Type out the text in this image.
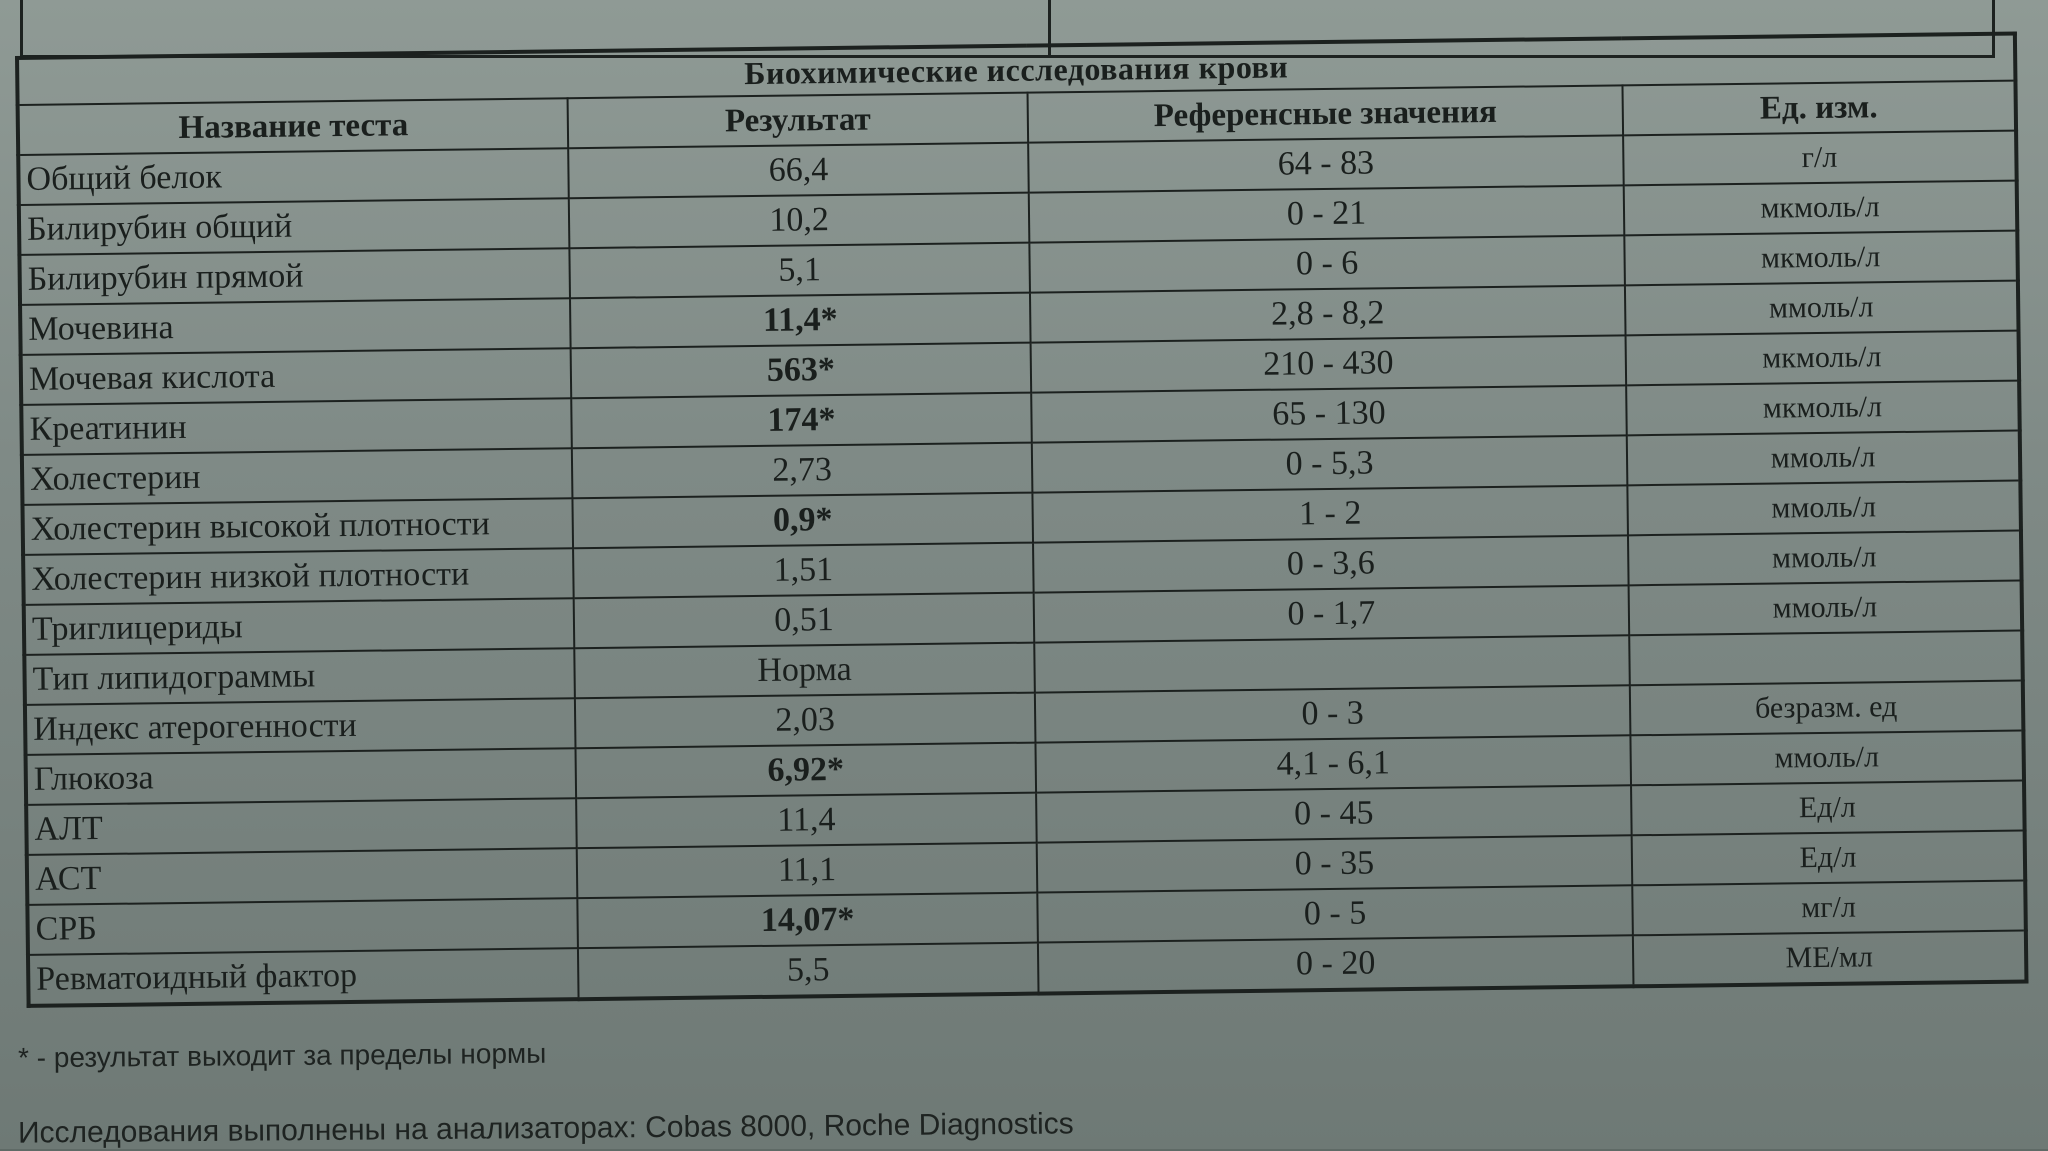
Биохимические исследования крови			
Название теста	Результат	Референсные значения	Ед. изм.
Общий белок	66,4	64 - 83	г/л
Билирубин общий	10,2	0 - 21	мкмоль/л
Билирубин прямой	5,1	0 - 6	мкмоль/л
Мочевина	11,4*	2,8 - 8,2	ммоль/л
Мочевая кислота	563*	210 - 430	мкмоль/л
Креатинин	174*	65 - 130	мкмоль/л
Холестерин	2,73	0 - 5,3	ммоль/л
Холестерин высокой плотности	0,9*	1 - 2	ммоль/л
Холестерин низкой плотности	1,51	0 - 3,6	ммоль/л
Триглицериды	0,51	0 - 1,7	ммоль/л
Тип липидограммы	Норма		
Индекс атерогенности	2,03	0 - 3	безразм. ед
Глюкоза	6,92*	4,1 - 6,1	ммоль/л
АЛТ	11,4	0 - 45	Ед/л
АСТ	11,1	0 - 35	Ед/л
СРБ	14,07*	0 - 5	мг/л
Ревматоидный фактор	5,5	0 - 20	МЕ/мл
* - результат выходит за пределы нормы
Исследования выполнены на анализаторах: Cobas 8000, Roche Diagnostics
